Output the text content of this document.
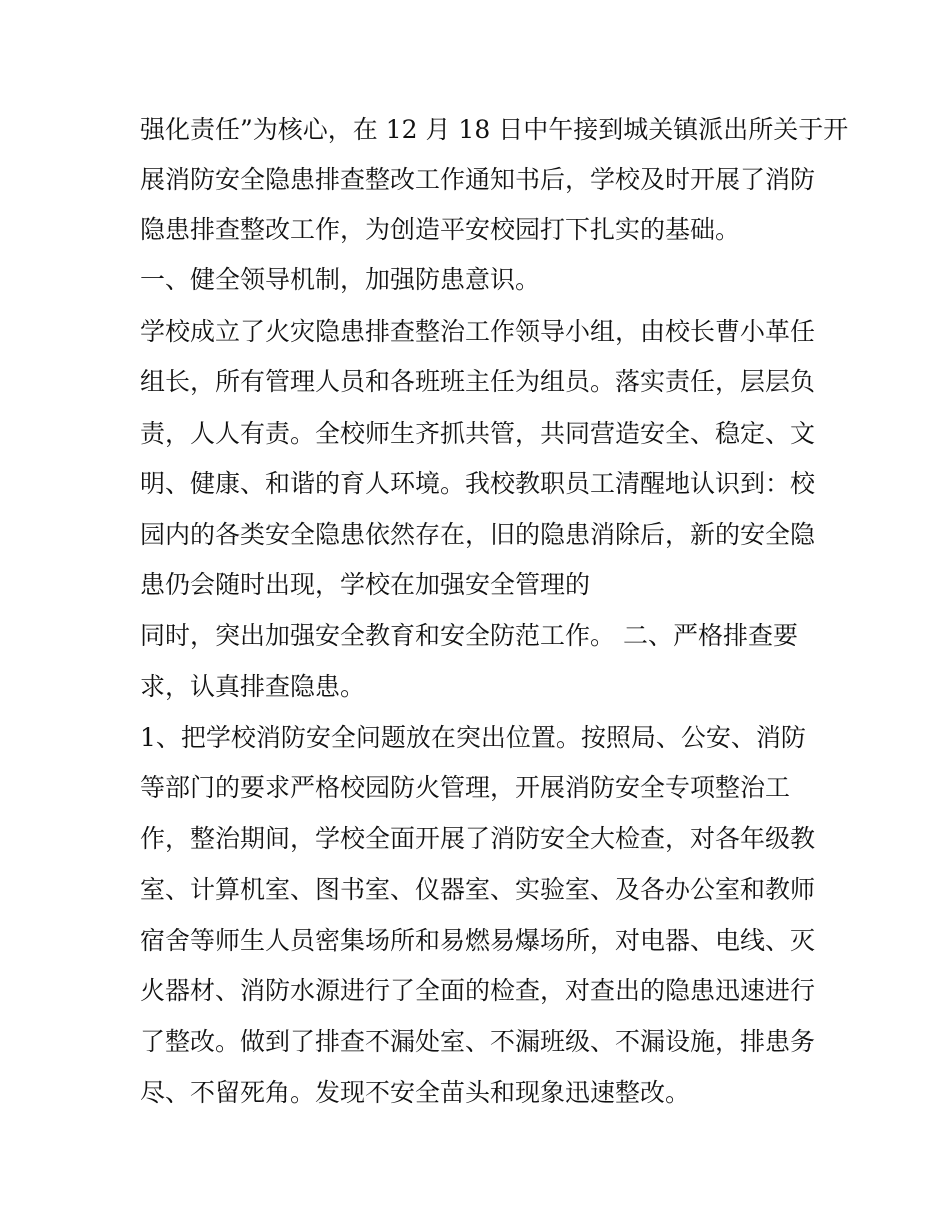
强化责任”为核心，在 12 月 18 日中午接到城关镇派出所关于开
展消防安全隐患排查整改工作通知书后，学校及时开展了消防
隐患排查整改工作，为创造平安校园打下扎实的基础。
一、健全领导机制，加强防患意识。
学校成立了火灾隐患排查整治工作领导小组，由校长曹小革任
组长，所有管理人员和各班班主任为组员。落实责任，层层负
责，人人有责。全校师生齐抓共管，共同营造安全、稳定、文
明、健康、和谐的育人环境。我校教职员工清醒地认识到：校
园内的各类安全隐患依然存在，旧的隐患消除后，新的安全隐
患仍会随时出现，学校在加强安全管理的
同时，突出加强安全教育和安全防范工作。 二、严格排查要
求，认真排查隐患。
1、把学校消防安全问题放在突出位置。按照局、公安、消防
等部门的要求严格校园防火管理，开展消防安全专项整治工
作，整治期间，学校全面开展了消防安全大检查，对各年级教
室、计算机室、图书室、仪器室、实验室、及各办公室和教师
宿舍等师生人员密集场所和易燃易爆场所，对电器、电线、灭
火器材、消防水源进行了全面的检查，对查出的隐患迅速进行
了整改。做到了排查不漏处室、不漏班级、不漏设施，排患务
尽、不留死角。发现不安全苗头和现象迅速整改。
